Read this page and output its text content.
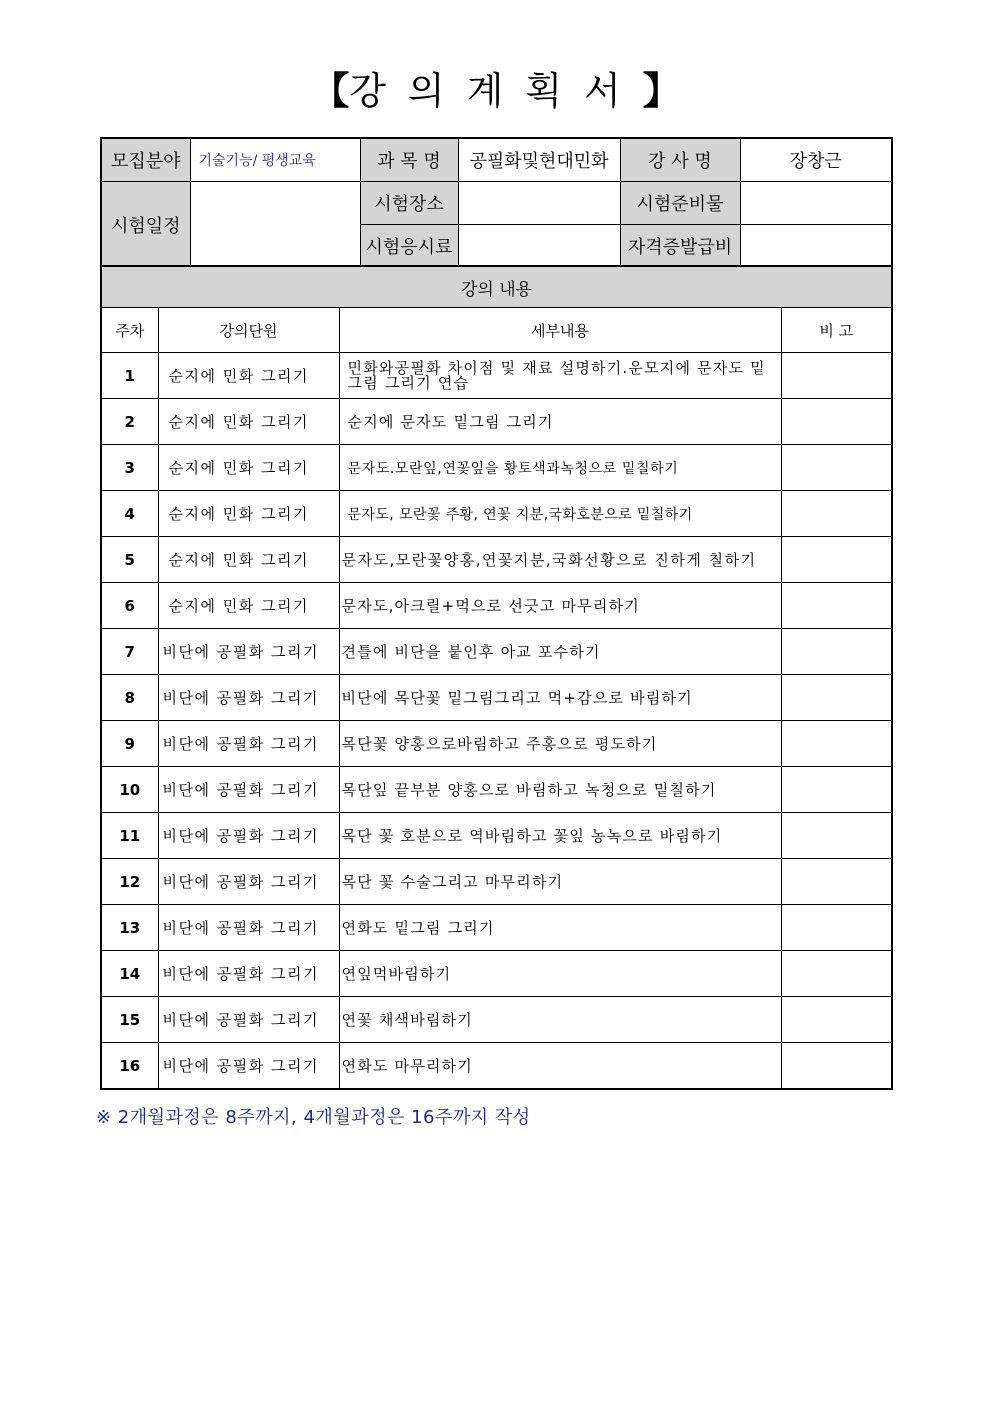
【강의계획서】
모집분야	기술기능/ 평생교육	과 목 명	공필화및현대민화	강 사 명	장창근
시험일정		시험장소		시험준비물	
		시험응시료		자격증발급비	
강의 내용			
주차	강의단원	세부내용	비 고
1	순지에 민화 그리기	민화와공필화 차이점 및 재료 설명하기.운모지에 문자도 밑그림 그리기 연습	
2	순지에 민화 그리기	순지에 문자도 밑그림 그리기	
3	순지에 민화 그리기	문자도.모란잎,연꽃잎을 황토색과녹청으로 밑칠하기	
4	순지에 민화 그리기	문자도, 모란꽃 주황, 연꽃 지분,국화호분으로 밑칠하기	
5	순지에 민화 그리기	문자도,모란꽃양홍,연꽃지분,국화선황으로 진하게 칠하기	
6	순지에 민화 그리기	문자도,아크릴+먹으로 선긋고 마무리하기	
7	비단에 공필화 그리기	견틀에 비단을 붙인후 아교 포수하기	
8	비단에 공필화 그리기	비단에 목단꽃 밑그림그리고 먹+감으로 바림하기	
9	비단에 공필화 그리기	목단꽃 양홍으로바림하고 주홍으로 평도하기	
10	비단에 공필화 그리기	목단잎 끝부분 양홍으로 바림하고 녹청으로 밑칠하기	
11	비단에 공필화 그리기	목단 꽃 호분으로 역바림하고 꽃잎 농녹으로 바림하기	
12	비단에 공필화 그리기	목단 꽃 수술그리고 마무리하기	
13	비단에 공필화 그리기	연화도 밑그림 그리기	
14	비단에 공필화 그리기	연잎먹바림하기	
15	비단에 공필화 그리기	연꽃 채색바림하기	
16	비단에 공필화 그리기	연화도 마무리하기	
※ 2개월과정은 8주까지, 4개월과정은 16주까지 작성
